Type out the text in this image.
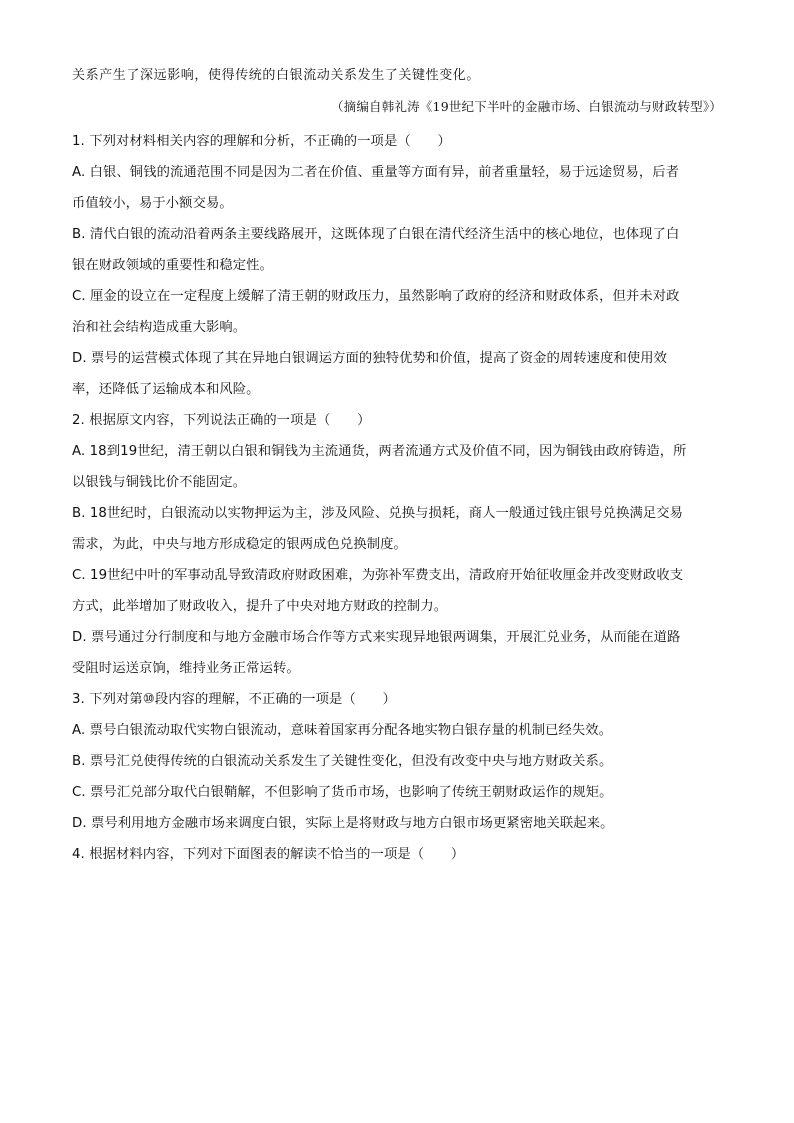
关系产生了深远影响，使得传统的白银流动关系发生了关键性变化。
（摘编自韩礼涛《19世纪下半叶的金融市场、白银流动与财政转型》）
1. 下列对材料相关内容的理解和分析，不正确的一项是（　　）
A. 白银、铜钱的流通范围不同是因为二者在价值、重量等方面有异，前者重量轻，易于远途贸易，后者
币值较小，易于小额交易。
B. 清代白银的流动沿着两条主要线路展开，这既体现了白银在清代经济生活中的核心地位，也体现了白
银在财政领域的重要性和稳定性。
C. 厘金的设立在一定程度上缓解了清王朝的财政压力，虽然影响了政府的经济和财政体系，但并未对政
治和社会结构造成重大影响。
D. 票号的运营模式体现了其在异地白银调运方面的独特优势和价值，提高了资金的周转速度和使用效
率，还降低了运输成本和风险。
2. 根据原文内容，下列说法正确的一项是（　　）
A. 18到19世纪，清王朝以白银和铜钱为主流通货，两者流通方式及价值不同，因为铜钱由政府铸造，所
以银钱与铜钱比价不能固定。
B. 18世纪时，白银流动以实物押运为主，涉及风险、兑换与损耗，商人一般通过钱庄银号兑换满足交易
需求，为此，中央与地方形成稳定的银两成色兑换制度。
C. 19世纪中叶的军事动乱导致清政府财政困难，为弥补军费支出，清政府开始征收厘金并改变财政收支
方式，此举增加了财政收入，提升了中央对地方财政的控制力。
D. 票号通过分行制度和与地方金融市场合作等方式来实现异地银两调集，开展汇兑业务，从而能在道路
受阻时运送京饷，维持业务正常运转。
3. 下列对第⑩段内容的理解，不正确的一项是（　　）
A. 票号白银流动取代实物白银流动，意味着国家再分配各地实物白银存量的机制已经失效。
B. 票号汇兑使得传统的白银流动关系发生了关键性变化，但没有改变中央与地方财政关系。
C. 票号汇兑部分取代白银鞘解，不但影响了货币市场，也影响了传统王朝财政运作的规矩。
D. 票号利用地方金融市场来调度白银，实际上是将财政与地方白银市场更紧密地关联起来。
4. 根据材料内容，下列对下面图表的解读不恰当的一项是（　　）
